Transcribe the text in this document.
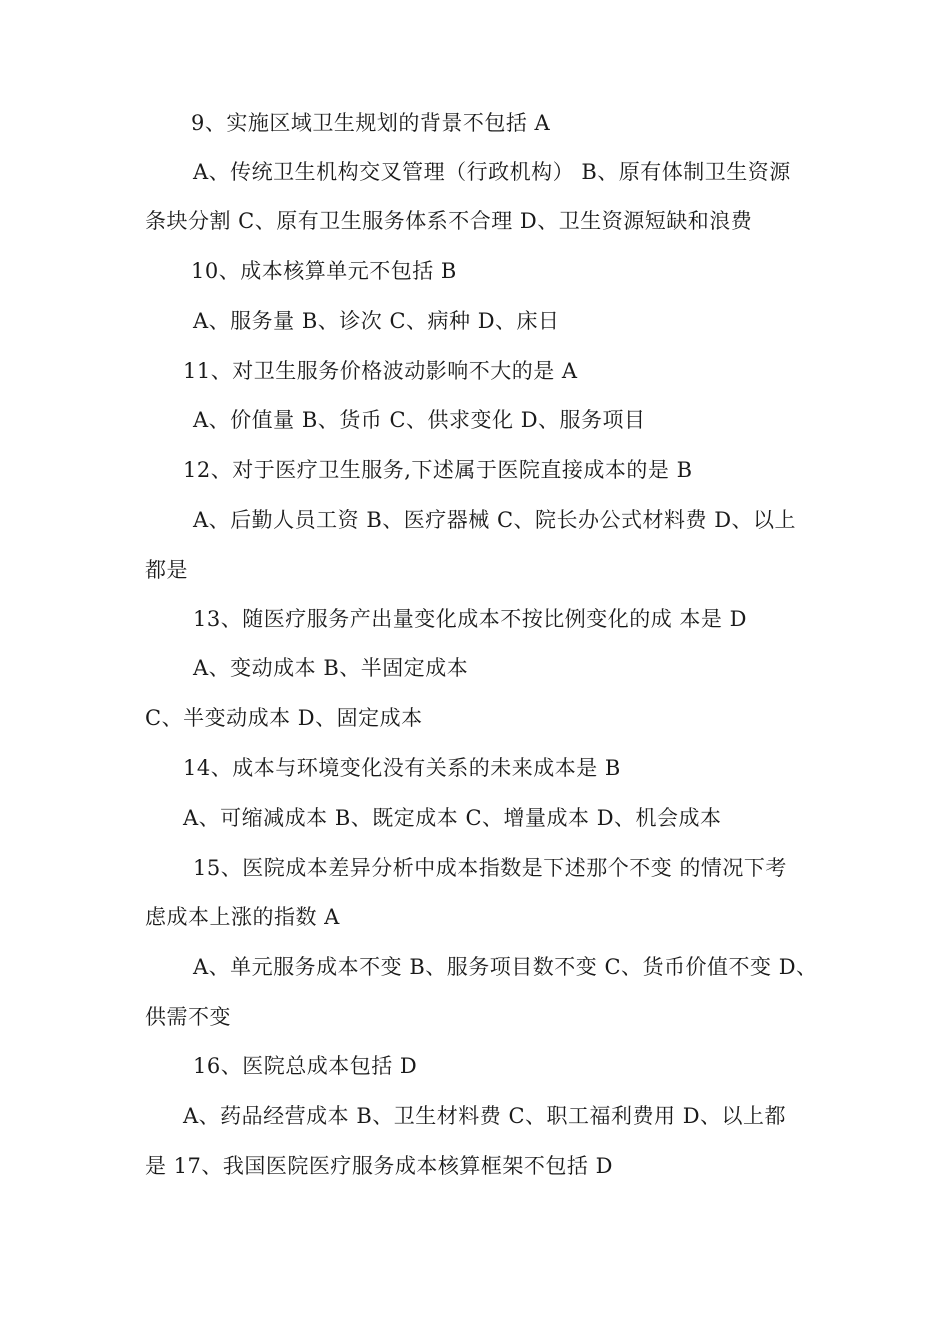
9、实施区域卫生规划的背景不包括 A
A、传统卫生机构交叉管理（行政机构） B、原有体制卫生资源
条块分割 C、原有卫生服务体系不合理 D、卫生资源短缺和浪费
10、成本核算单元不包括 B
A、服务量 B、诊次 C、病种 D、床日
11、对卫生服务价格波动影响不大的是 A
A、价值量 B、货币 C、供求变化 D、服务项目
12、对于医疗卫生服务,下述属于医院直接成本的是 B
A、后勤人员工资 B、医疗器械 C、院长办公式材料费 D、以上
都是
13、随医疗服务产出量变化成本不按比例变化的成 本是 D
A、变动成本 B、半固定成本
C、半变动成本 D、固定成本
14、成本与环境变化没有关系的未来成本是 B
A、可缩减成本 B、既定成本 C、增量成本 D、机会成本
15、医院成本差异分析中成本指数是下述那个不变 的情况下考
虑成本上涨的指数 A
A、单元服务成本不变 B、服务项目数不变 C、货币价值不变 D、
供需不变
16、医院总成本包括 D
A、药品经营成本 B、卫生材料费 C、职工福利费用 D、以上都
是 17、我国医院医疗服务成本核算框架不包括 D
